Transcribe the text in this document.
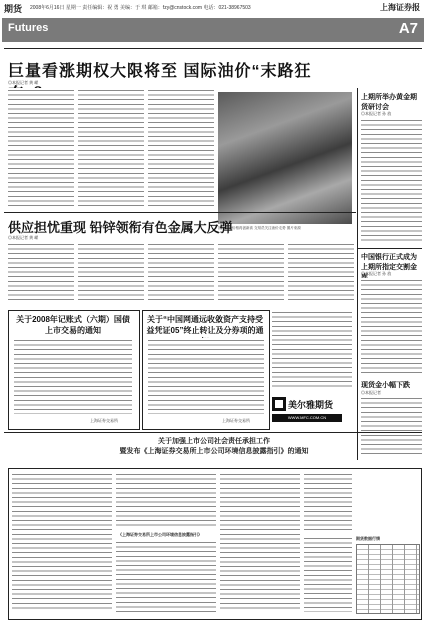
期货 2008年6月16日 星期一 责任编辑：祝 勇 美编：于 琪 邮箱：fzy@cnstock.com 电话：021-38967503	上海证券报
Futures	A7
巨量看涨期权大限将至 国际油价“末路狂
◎本报记者 黄 嵘
国际原油价格再创新高 交易员关注油价走势 图片来源
上期所举办黄金期货研讨会
◎本报记者 孙 放
供应担忧重现 铅锌领衔有色金属大反弹
◎本报记者 黄 嵘
关于2008年记账式（六期）国债上市交易的通知
上海证券交易所
关于“中国网通远收敛资产支持受益凭证05”终止转让及分券项的通
上海证券交易所
美尔雅期货
WWW.MFC.COM.CN
中国银行正式成为上期所指定交割金
◎本报记者 孙 放
现货金小幅下跌
◎本报记者
关于加强上市公司社会责任承担工作
暨发布《上海证券交易所上市公司环境信息披露指引》的通知
《上海证券交易所上市公司环境信息披露指引》
期货数据行情
